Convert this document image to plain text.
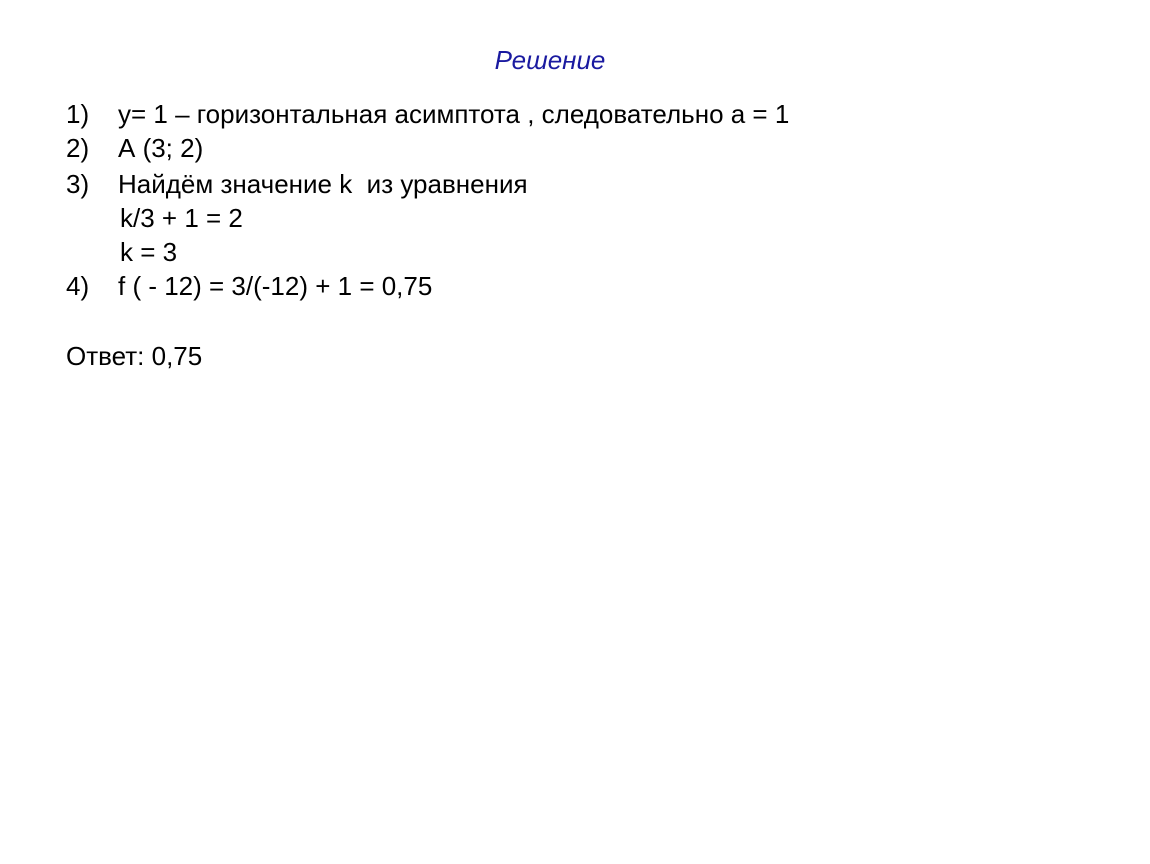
Решение

1)

y= 1 – горизонтальная асимптота , следовательно а = 1

2)

А (3; 2)

3)

Найдём значение k  из уравнения

k/3 + 1 = 2
k = 3

4)

f ( - 12) = 3/(-12) + 1 = 0,75

Ответ: 0,75
